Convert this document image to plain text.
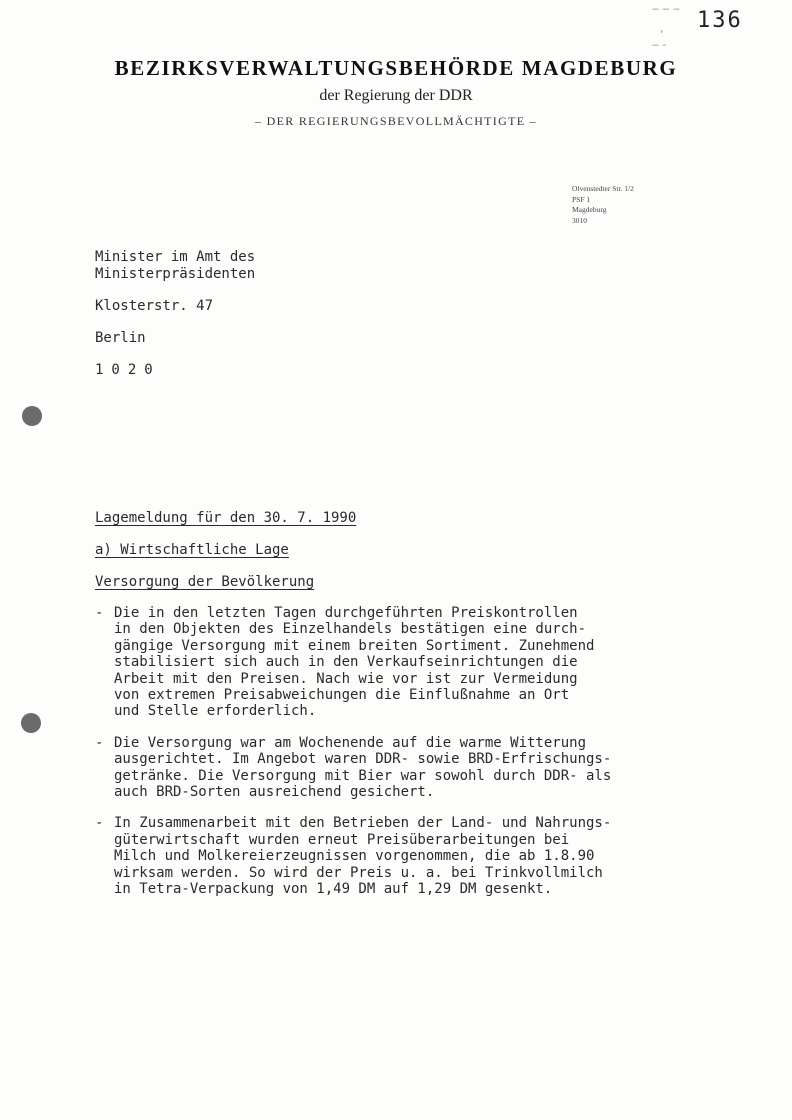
‒ ‒ ‒
,
‒ ‐
136
BEZIRKSVERWALTUNGSBEHÖRDE MAGDEBURG
der Regierung der DDR
– DER REGIERUNGSBEVOLLMÄCHTIGTE –
Olvenstedter Str. 1/2
PSF 1
Magdeburg
3010
Minister im Amt des
Ministerpräsidenten
Klosterstr. 47
Berlin
1020
Lagemeldung für den 30. 7. 1990
a) Wirtschaftliche Lage
Versorgung der Bevölkerung
- Die in den letzten Tagen durchgeführten Preiskontrollen
in den Objekten des Einzelhandels bestätigen eine durch-
gängige Versorgung mit einem breiten Sortiment. Zunehmend
stabilisiert sich auch in den Verkaufseinrichtungen die
Arbeit mit den Preisen. Nach wie vor ist zur Vermeidung
von extremen Preisabweichungen die Einflußnahme an Ort
und Stelle erforderlich.
- Die Versorgung war am Wochenende auf die warme Witterung
ausgerichtet. Im Angebot waren DDR- sowie BRD-Erfrischungs-
getränke. Die Versorgung mit Bier war sowohl durch DDR- als
auch BRD-Sorten ausreichend gesichert.
- In Zusammenarbeit mit den Betrieben der Land- und Nahrungs-
güterwirtschaft wurden erneut Preisüberarbeitungen bei
Milch und Molkereierzeugnissen vorgenommen, die ab 1.8.90
wirksam werden. So wird der Preis u. a. bei Trinkvollmilch
in Tetra-Verpackung von 1,49 DM auf 1,29 DM gesenkt.
